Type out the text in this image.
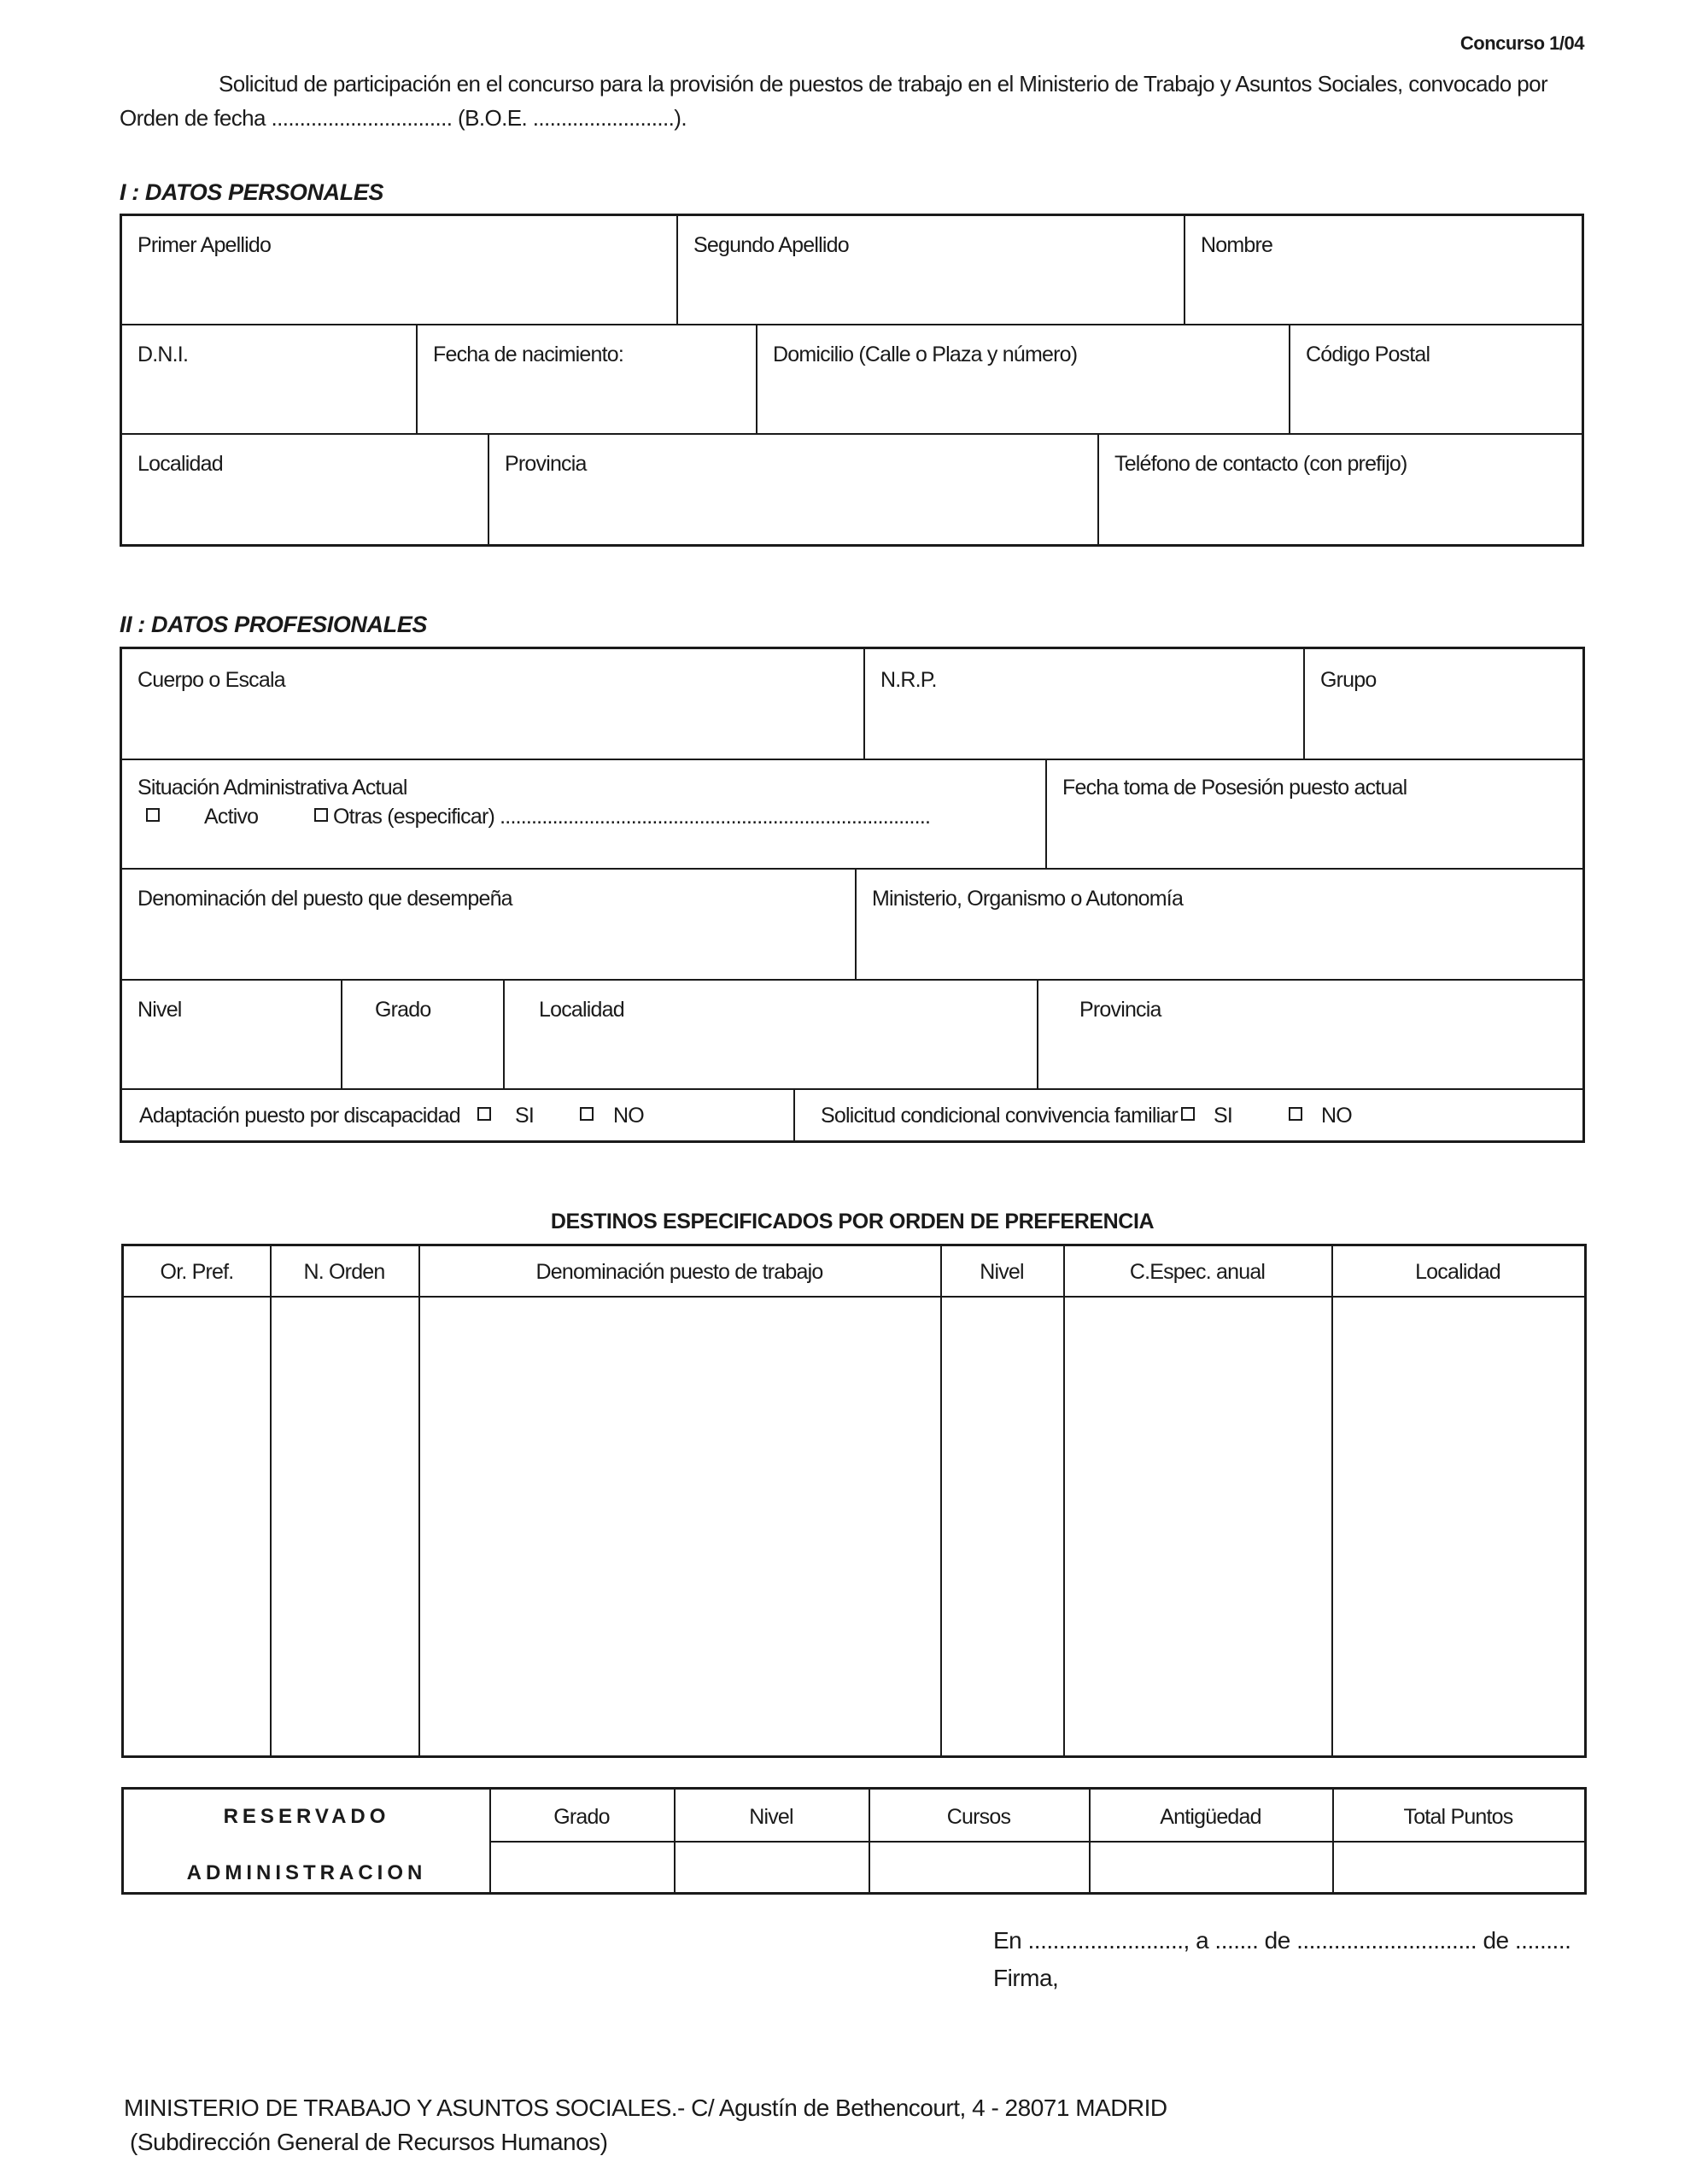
Concurso 1/04
Solicitud de participación en el concurso para la provisión de puestos de trabajo en el Ministerio de Trabajo y Asuntos Sociales, convocado por Orden de fecha ................................ (B.O.E. .........................).
I : DATOS PERSONALES
Primer Apellido	Segundo Apellido	Nombre
D.N.I.	Fecha de nacimiento:	Domicilio (Calle o Plaza y número)	Código Postal
Localidad	Provincia	Teléfono de contacto (con prefijo)
II : DATOS PROFESIONALES
Cuerpo o Escala	N.R.P.	Grupo
Situación Administrativa Actual
Activo	Otras (especificar) ..................................................................................
Fecha toma de Posesión puesto actual
Denominación del puesto que desempeña	Ministerio, Organismo o Autonomía
Nivel	Grado	Localidad	Provincia
Adaptación puesto por discapacidad	SI	NO	Solicitud condicional convivencia familiar SI	NO
DESTINOS ESPECIFICADOS POR ORDEN DE PREFERENCIA
Or. Pref.	N. Orden	Denominación puesto de trabajo	Nivel	C.Espec. anual	Localidad
RESERVADO
ADMINISTRACION
Grado	Nivel	Cursos	Antigüedad	Total Puntos
En ........................., a ....... de ............................. de .........
Firma,
MINISTERIO DE TRABAJO Y ASUNTOS SOCIALES.- C/ Agustín de Bethencourt, 4 - 28071 MADRID
(Subdirección General de Recursos Humanos)
